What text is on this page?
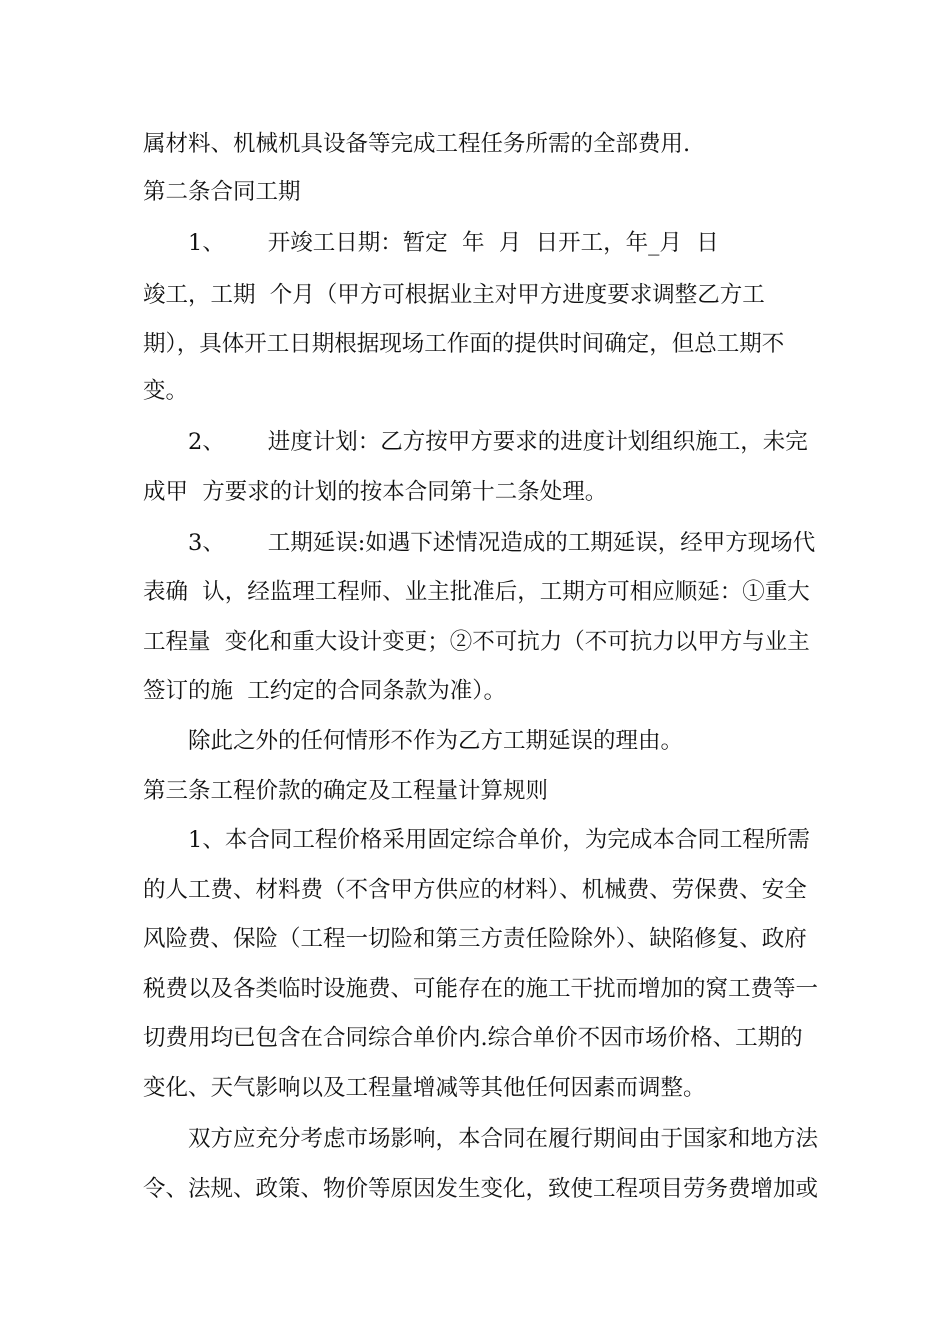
属材料、机械机具设备等完成工程任务所需的全部费用.
第二条合同工期
1、      开竣工日期：暂定  年  月  日开工，年_月  日
竣工，工期  个月（甲方可根据业主对甲方进度要求调整乙方工
期），具体开工日期根据现场工作面的提供时间确定，但总工期不
变。
2、      进度计划：乙方按甲方要求的进度计划组织施工，未完
成甲  方要求的计划的按本合同第十二条处理。
3、      工期延误:如遇下述情况造成的工期延误，经甲方现场代
表确  认，经监理工程师、业主批准后，工期方可相应顺延：①重大
工程量  变化和重大设计变更；②不可抗力（不可抗力以甲方与业主
签订的施  工约定的合同条款为准）。
除此之外的任何情形不作为乙方工期延误的理由。
第三条工程价款的确定及工程量计算规则
1、本合同工程价格采用固定综合单价，为完成本合同工程所需
的人工费、材料费（不含甲方供应的材料）、机械费、劳保费、安全
风险费、保险（工程一切险和第三方责任险除外）、缺陷修复、政府
税费以及各类临时设施费、可能存在的施工干扰而增加的窝工费等一
切费用均已包含在合同综合单价内.综合单价不因市场价格、工期的
变化、天气影响以及工程量增减等其他任何因素而调整。
双方应充分考虑市场影响，本合同在履行期间由于国家和地方法
令、法规、政策、物价等原因发生变化，致使工程项目劳务费增加或
